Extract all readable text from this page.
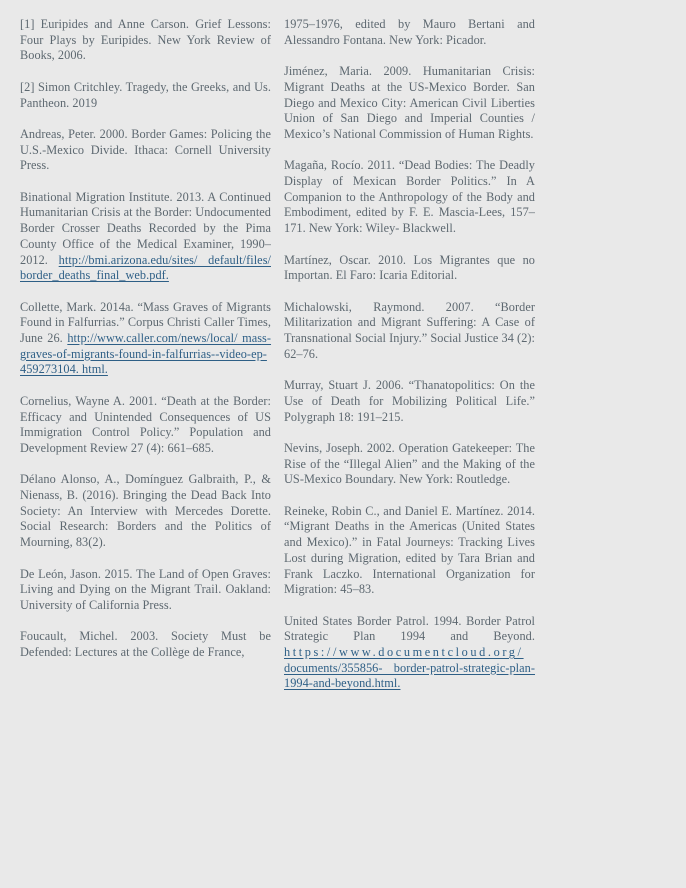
[1] Euripides and Anne Carson. Grief Lessons: Four Plays by Euripides. New York Review of Books, 2006.

[2] Simon Critchley. Tragedy, the Greeks, and Us. Pantheon. 2019

Andreas, Peter. 2000. Border Games: Policing the U.S.-Mexico Divide. Ithaca: Cornell University Press.

Binational Migration Institute. 2013. A Continued Humanitarian Crisis at the Border: Undocumented Border Crosser Deaths Recorded by the Pima County Office of the Medical Examiner, 1990–2012. http://bmi.arizona.edu/sites/ default/files/ border_deaths_final_web.pdf.

Collette, Mark. 2014a. “Mass Graves of Migrants Found in Falfurrias.” Corpus Christi Caller Times, June 26. http://www.caller.com/news/local/ mass-graves-of-migrants-found-in-falfurrias--video-ep-459273104. html.

Cornelius, Wayne A. 2001. “Death at the Border: Efficacy and Unintended Consequences of US Immigration Control Policy.” Population and Development Review 27 (4): 661–685.

Délano Alonso, A., Domínguez Galbraith, P., & Nienass, B. (2016). Bringing the Dead Back Into Society: An Interview with Mercedes Dorette. Social Research: Borders and the Politics of Mourning, 83(2).

De León, Jason. 2015. The Land of Open Graves: Living and Dying on the Migrant Trail. Oakland: University of California Press.

Foucault, Michel. 2003. Society Must be Defended: Lectures at the Collège de France,

1975–1976, edited by Mauro Bertani and Alessandro Fontana. New York: Picador.

Jiménez, Maria. 2009. Humanitarian Crisis: Migrant Deaths at the US-Mexico Border. San Diego and Mexico City: American Civil Liberties Union of San Diego and Imperial Counties / Mexico’s National Commission of Human Rights.

Magaña, Rocío. 2011. “Dead Bodies: The Deadly Display of Mexican Border Politics.” In A Companion to the Anthropology of the Body and Embodiment, edited by F. E. Mascia-Lees, 157–171. New York: Wiley- Blackwell.

Martínez, Oscar. 2010. Los Migrantes que no Importan. El Faro: Icaria Editorial.

Michalowski, Raymond. 2007. “Border Militarization and Migrant Suffering: A Case of Transnational Social Injury.” Social Justice 34 (2): 62–76.

Murray, Stuart J. 2006. “Thanatopolitics: On the Use of Death for Mobilizing Political Life.” Polygraph 18: 191–215.

Nevins, Joseph. 2002. Operation Gatekeeper: The Rise of the “Illegal Alien” and the Making of the US-Mexico Boundary. New York: Routledge.

Reineke, Robin C., and Daniel E. Martínez. 2014. “Migrant Deaths in the Americas (United States and Mexico).” in Fatal Journeys: Tracking Lives Lost during Migration, edited by Tara Brian and Frank Laczko. International Organization for Migration: 45–83.

United States Border Patrol. 1994. Border Patrol Strategic Plan 1994 and Beyond. https://www.documentcloud.org/ documents/355856- border-patrol-strategic-plan-1994-and-beyond.html.
